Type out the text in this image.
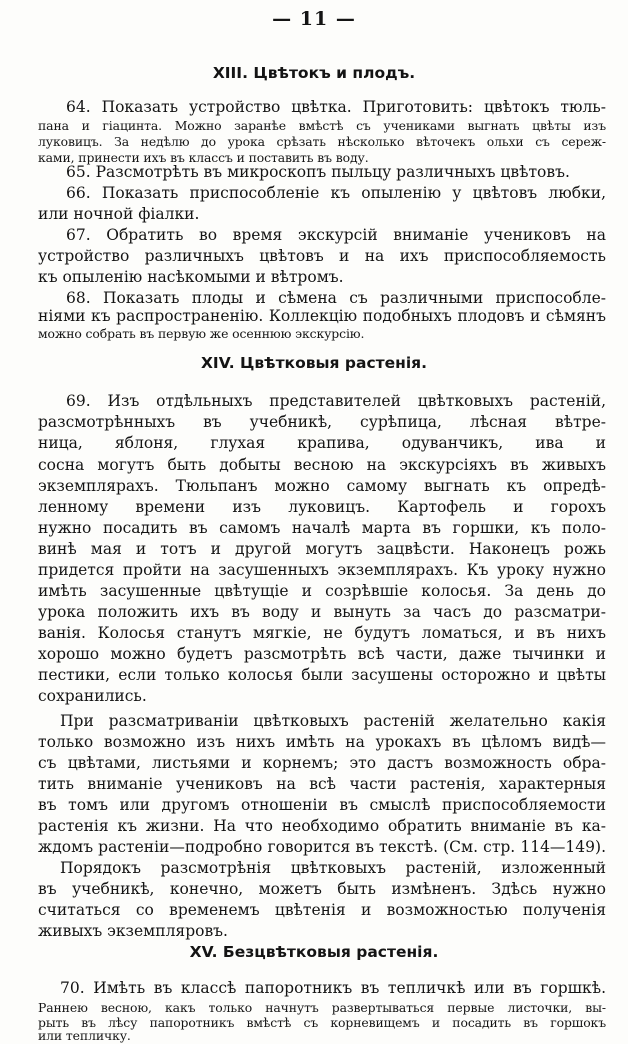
— 11 —
XIII. Цвѣтокъ и плодъ.
64. Показать устройство цвѣтка. Приготовить: цвѣтокъ тюль-
пана и гіацинта. Можно заранѣе вмѣстѣ съ учениками выгнать цвѣты изъ
луковицъ. За недѣлю до урока срѣзать нѣсколько вѣточекъ ольхи съ сереж-
ками, принести ихъ въ классъ и поставить въ воду.
65. Разсмотрѣть въ микроскопъ пыльцу различныхъ цвѣтовъ.
66. Показать приспособленіе къ опыленію у цвѣтовъ любки,
или ночной фіалки.
67. Обратить во время экскурсій вниманіе учениковъ на
устройство различныхъ цвѣтовъ и на ихъ приспособляемость
къ опыленію насѣкомыми и вѣтромъ.
68. Показать плоды и сѣмена съ различными приспособле-
ніями къ распространенію. Коллекцію подобныхъ плодовъ и сѣмянъ
можно собрать въ первую же осеннюю экскурсію.
XIV. Цвѣтковыя растенія.
69. Изъ отдѣльныхъ представителей цвѣтковыхъ растеній,
разсмотрѣнныхъ въ учебникѣ, сурѣпица, лѣсная вѣтре-
ница, яблоня, глухая крапива, одуванчикъ, ива и
сосна могутъ быть добыты весною на экскурсіяхъ въ живыхъ
экземплярахъ. Тюльпанъ можно самому выгнать къ опредѣ-
ленному времени изъ луковицъ. Картофель и горохъ
нужно посадить въ самомъ началѣ марта въ горшки, къ поло-
винѣ мая и тотъ и другой могутъ зацвѣсти. Наконецъ рожь
придется пройти на засушенныхъ экземплярахъ. Къ уроку нужно
имѣть засушенные цвѣтущіе и созрѣвшіе колосья. За день до
урока положить ихъ въ воду и вынуть за часъ до разсматри-
ванія. Колосья станутъ мягкіе, не будутъ ломаться, и въ нихъ
хорошо можно будетъ разсмотрѣть всѣ части, даже тычинки и
пестики, если только колосья были засушены осторожно и цвѣты
сохранились.
При разсматриваніи цвѣтковыхъ растеній желательно какія
только возможно изъ нихъ имѣть на урокахъ въ цѣломъ видѣ—
съ цвѣтами, листьями и корнемъ; это дастъ возможность обра-
тить вниманіе учениковъ на всѣ части растенія, характерныя
въ томъ или другомъ отношеніи въ смыслѣ приспособляемости
растенія къ жизни. На что необходимо обратить вниманіе въ ка-
ждомъ растеніи—подробно говорится въ текстѣ. (См. стр. 114—149).
Порядокъ разсмотрѣнія цвѣтковыхъ растеній, изложенный
въ учебникѣ, конечно, можетъ быть измѣненъ. Здѣсь нужно
считаться со временемъ цвѣтенія и возможностью полученія
живыхъ экземпляровъ.
XV. Безцвѣтковыя растенія.
70. Имѣть въ классѣ папоротникъ въ тепличкѣ или въ горшкѣ.
Раннею весною, какъ только начнутъ развертываться первые листочки, вы-
рыть въ лѣсу папоротникъ вмѣстѣ съ корневищемъ и посадить въ горшокъ
или тепличку.
